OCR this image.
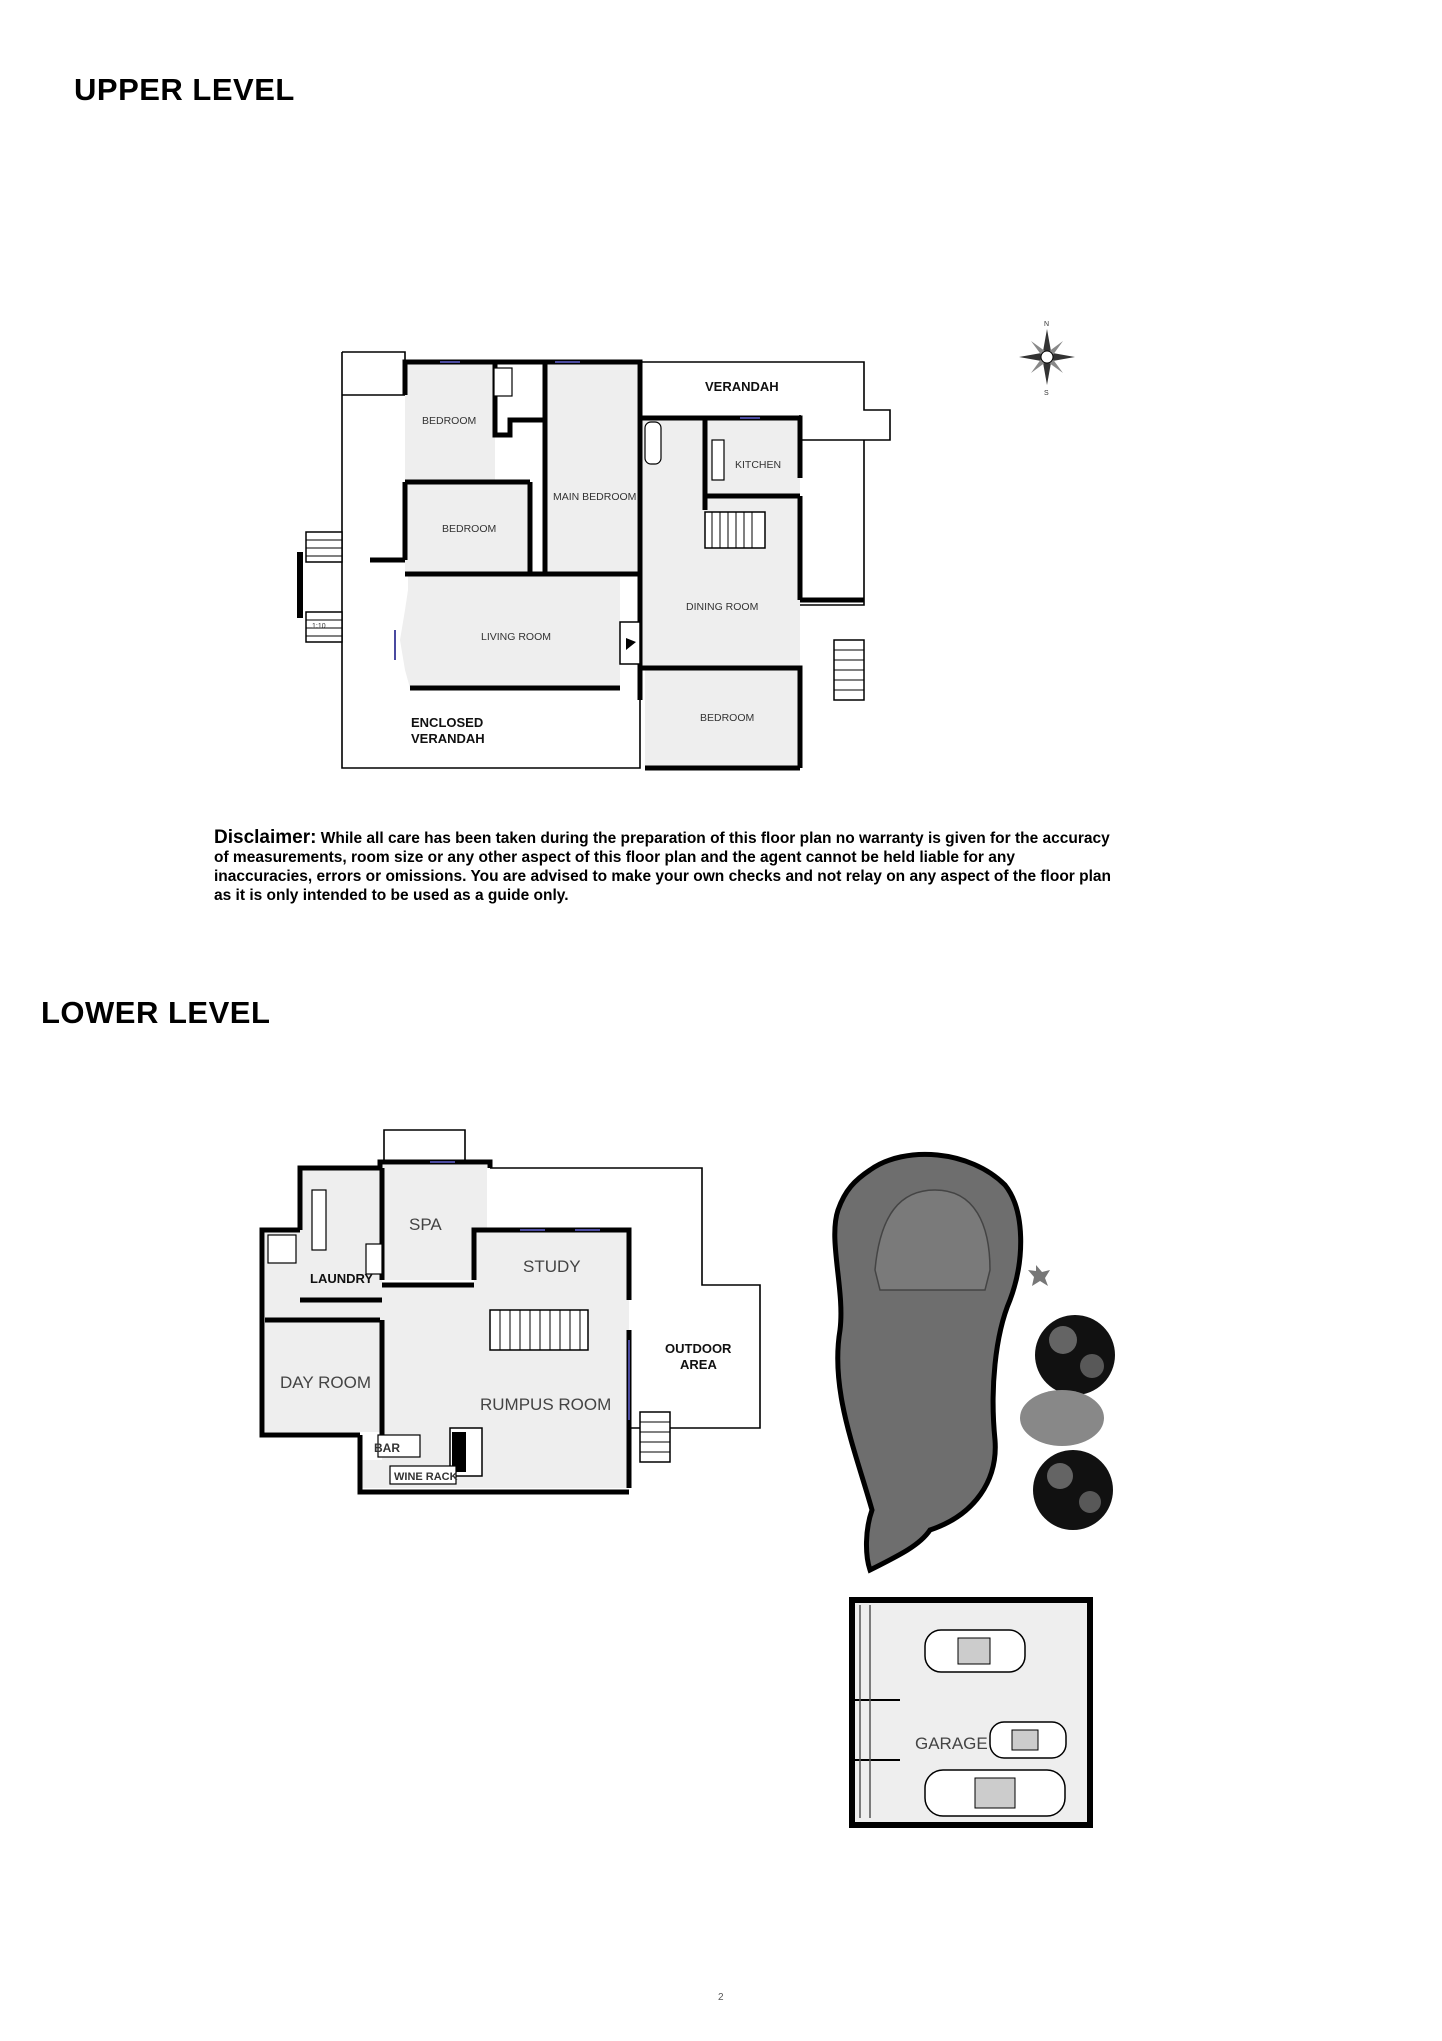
UPPER LEVEL
LOWER LEVEL
1:10
BEDROOM
BEDROOM
MAIN BEDROOM
KITCHEN
DINING ROOM
LIVING ROOM
BEDROOM
VERANDAH
ENCLOSED
VERANDAH
N
S
SPA
LAUNDRY
STUDY
DAY ROOM
RUMPUS ROOM
OUTDOOR
AREA
BAR
WINE RACK
GARAGE

Disclaimer: While all care has been taken during the preparation of this floor plan no warranty is given for the accuracy of measurements, room size or any other aspect of this floor plan and the agent cannot be held liable for any inaccuracies, errors or omissions. You are advised to make your own checks and not relay on any aspect of the floor plan as it is only intended to be used as a guide only.

2
